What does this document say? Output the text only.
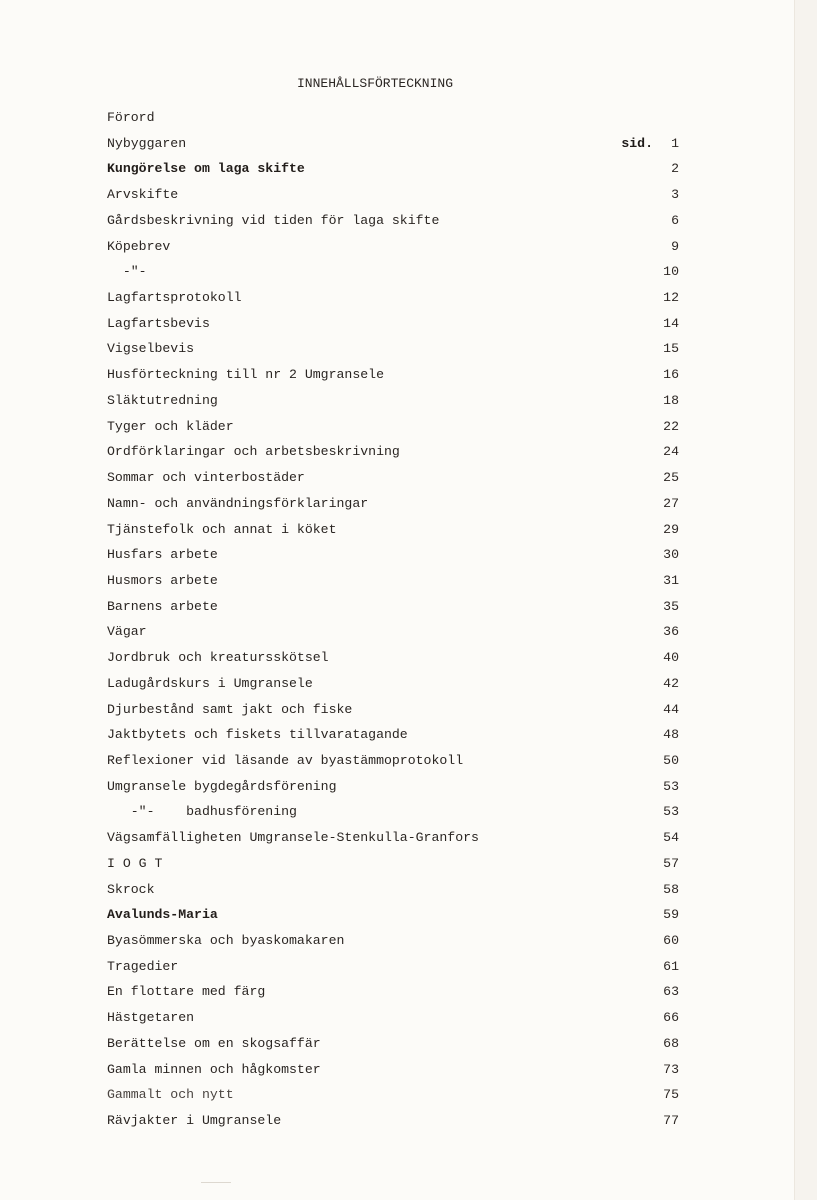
INNEHÅLLSFÖRTECKNING
Förord
Nybyggaren	sid. 1
Kungörelse om laga skifte	2
Arvskifte	3
Gårdsbeskrivning vid tiden för laga skifte	6
Köpebrev	9
-"-	10
Lagfartsprotokoll	12
Lagfartsbevis	14
Vigselbevis	15
Husförteckning till nr 2 Umgransele	16
Släktutredning	18
Tyger och kläder	22
Ordförklaringar och arbetsbeskrivning	24
Sommar och vinterbostäder	25
Namn- och användningsförklaringar	27
Tjänstefolk och annat i köket	29
Husfars arbete	30
Husmors arbete	31
Barnens arbete	35
Vägar	36
Jordbruk och kreatursskötsel	40
Ladugårdskurs i Umgransele	42
Djurbestånd samt jakt och fiske	44
Jaktbytets och fiskets tillvaratagande	48
Reflexioner vid läsande av byastämmoprotokoll	50
Umgransele bygdegårdsförening	53
-"-    badhusförening	53
Vägsamfälligheten Umgransele-Stenkulla-Granfors	54
I O G T	57
Skrock	58
Avalunds-Maria	59
Byasömmerska och byaskomakaren	60
Tragedier	61
En flottare med färg	63
Hästgetaren	66
Berättelse om en skogsaffär	68
Gamla minnen och hågkomster	73
Gammalt och nytt	75
Rävjakter i Umgransele	77
